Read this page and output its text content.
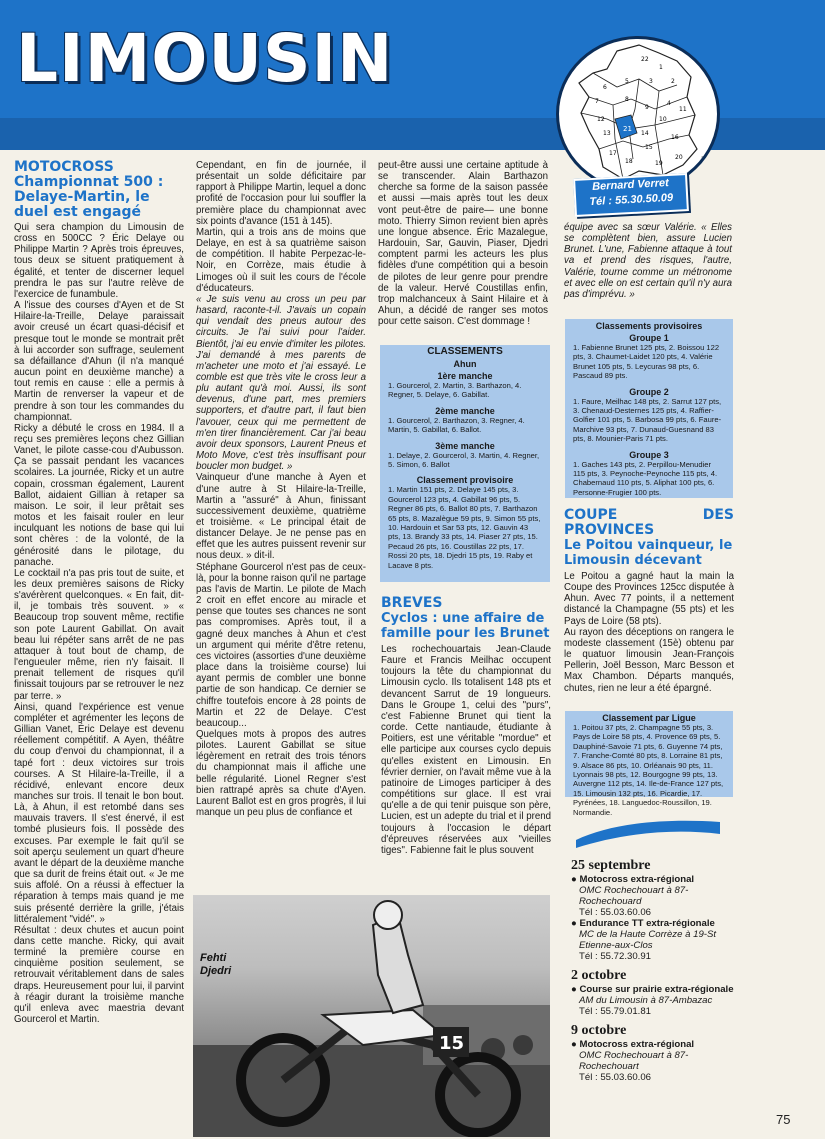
LIMOUSIN
21
22
1
2
3
4
5
6
7	8
9
10
11
12
13	14
15
16
17
18	19
20	23
Bernard Verret
Tél : 55.30.50.09
MOTOCROSS
Championnat 500 : Delaye-Martin, le duel est engagé

Qui sera champion du Limousin de cross en 500CC ? Éric Delaye ou Philippe Martin ? Après trois épreuves, tous deux se situent pratiquement à égalité, et tenter de discerner lequel prendra le pas sur l'autre relève de l'exercice de funambule.

A l'issue des courses d'Ayen et de St Hilaire-la-Treille, Delaye paraissait avoir creusé un écart quasi-décisif et presque tout le monde se montrait prêt à lui accorder son suffrage, seulement sa défaillance d'Ahun (il n'a manqué aucun point en deuxième manche) a tout remis en cause : elle a permis à Martin de renverser la vapeur et de prendre à son tour les commandes du championnat.

Ricky a débuté le cross en 1984. Il a reçu ses premières leçons chez Gillian Vanet, le pilote casse-cou d'Aubusson. Ça se passait pendant les vacances scolaires. La journée, Ricky et un autre copain, crossman également, Laurent Ballot, aidaient Gillian à retaper sa maison. Le soir, il leur prêtait ses motos et les faisait rouler en leur inculquant les notions de base qui lui sont chères : de la volonté, de la générosité dans le pilotage, du panache.

Le cocktail n'a pas pris tout de suite, et les deux premières saisons de Ricky s'avérèrent quelconques. « En fait, dit-il, je tombais très souvent. » « Beaucoup trop souvent même, rectifie son pote Laurent Gabillat. On avait beau lui répéter sans arrêt de ne pas attaquer à tout bout de champ, de l'engueuler même, rien n'y faisait. Il prenait tellement de risques qu'il finissait toujours par se retrouver le nez par terre. »

Ainsi, quand l'expérience est venue compléter et agrémenter les leçons de Gillian Vanet, Éric Delaye est devenu réellement compétitif. A Ayen, théâtre du coup d'envoi du championnat, il a tapé fort : deux victoires sur trois courses. A St Hilaire-la-Treille, il a récidivé, enlevant encore deux manches sur trois. Il tenait le bon bout. Là, à Ahun, il est retombé dans ses mauvais travers. Il s'est énervé, il est tombé plusieurs fois. Il possède des excuses. Par exemple le fait qu'il se soit aperçu seulement un quart d'heure avant le départ de la deuxième manche que sa durit de freins était out. « Je me suis affolé. On a réussi à effectuer la réparation à temps mais quand je me suis présenté derrière la grille, j'étais littéralement "vidé". »

Résultat : deux chutes et aucun point dans cette manche. Ricky, qui avait terminé la première course en cinquième position seulement, se retrouvait véritablement dans de sales draps. Heureusement pour lui, il parvint à réagir durant la troisième manche qu'il enleva avec maestria devant Gourcerol et Martin.

Cependant, en fin de journée, il présentait un solde déficitaire par rapport à Philippe Martin, lequel a donc profité de l'occasion pour lui souffler la première place du championnat avec six points d'avance (151 à 145).

Martin, qui a trois ans de moins que Delaye, en est à sa quatrième saison de compétition. Il habite Perpezac-le-Noir, en Corrèze, mais étudie à Limoges où il suit les cours de l'école d'éducateurs.

« Je suis venu au cross un peu par hasard, raconte-t-il. J'avais un copain qui vendait des pneus autour des circuits. Je l'ai suivi pour l'aider. Bientôt, j'ai eu envie d'imiter les pilotes. J'ai demandé à mes parents de m'acheter une moto et j'ai essayé. Le comble est que très vite le cross leur a plu autant qu'à moi. Aussi, ils sont devenus, d'une part, mes premiers supporters, et d'autre part, il faut bien l'avouer, ceux qui me permettent de m'en tirer financièrement. Car j'ai beau avoir deux sponsors, Laurent Pneus et Moto Move, c'est très insuffisant pour boucler mon budget. »

Vainqueur d'une manche à Ayen et d'une autre à St Hilaire-la-Treille, Martin a "assuré" à Ahun, finissant successivement deuxième, quatrième et troisième. « Le principal était de distancer Delaye. Je ne pense pas en effet que les autres puissent revenir sur nous deux. » dit-il.

Stéphane Gourcerol n'est pas de ceux-là, pour la bonne raison qu'il ne partage pas l'avis de Martin. Le pilote de Mach 2 croit en effet encore au miracle et pense que toutes ses chances ne sont pas compromises. Après tout, il a gagné deux manches à Ahun et c'est un argument qui mérite d'être retenu, ces victoires (assorties d'une deuxième place dans la troisième course) lui ayant permis de combler une bonne partie de son handicap. Ce dernier se chiffre toutefois encore à 28 points de Martin et 22 de Delaye. C'est beaucoup...

Quelques mots à propos des autres pilotes. Laurent Gabillat se situe légèrement en retrait des trois ténors du championnat mais il affiche une belle régularité. Lionel Regner s'est bien rattrapé après sa chute d'Ayen. Laurent Ballot est en gros progrès, il lui manque un peu plus de confiance et

peut-être aussi une certaine aptitude à se transcender. Alain Barthazon cherche sa forme de la saison passée et aussi —mais après tout les deux vont peut-être de paire— une bonne moto. Thierry Simon revient bien après une longue absence. Éric Mazalegue, Hardouin, Sar, Gauvin, Piaser, Djedri comptent parmi les acteurs les plus fidèles d'une compétition qui a besoin de pilotes de leur genre pour prendre de la valeur. Hervé Coustillas enfin, trop malchanceux à Saint Hilaire et à Ahun, a décidé de ranger ses motos pour cette saison. C'est dommage !

CLASSEMENTS
Ahun
1ère manche
1. Gourcerol, 2. Martin, 3. Barthazon, 4. Regner, 5. Delaye, 6. Gabillat.
2ème manche
1. Gourcerol, 2. Barthazon, 3. Regner, 4. Martin, 5. Gabillat, 6. Ballot.
3ème manche
1. Delaye, 2. Gourcerol, 3. Martin, 4. Regner, 5. Simon, 6. Ballot
Classement provisoire
1. Martin 151 pts, 2. Delaye 145 pts, 3. Gourcerol 123 pts, 4. Gabillat 96 pts, 5. Regner 86 pts, 6. Ballot 80 pts, 7. Barthazon 65 pts, 8. Mazalègue 59 pts, 9. Simon 55 pts, 10. Hardouin et Sar 53 pts, 12. Gauvin 43 pts, 13. Brandy 33 pts, 14. Piaser 27 pts, 15. Pecaud 26 pts, 16. Coustillas 22 pts, 17. Rossi 20 pts, 18. Djedri 15 pts, 19. Raby et Lacave 8 pts.
BREVES
Cyclos : une affaire de famille pour les Brunet

Les rochechouartais Jean-Claude Faure et Francis Meilhac occupent toujours la tête du championnat du Limousin cyclo. Ils totalisent 148 pts et devancent Sarrut de 19 longueurs. Dans le Groupe 1, celui des "purs", c'est Fabienne Brunet qui tient la corde. Cette nantiaude, étudiante à Poitiers, est une véritable "mordue" et elle participe aux courses cyclo depuis qu'elles existent en Limousin. En février dernier, on l'avait même vue à la patinoire de Limoges participer à des compétitions sur glace. Il est vrai qu'elle a de qui tenir puisque son père, Lucien, est un adepte du trial et il prend toujours à l'occasion le départ d'épreuves réservées aux "vieilles tiges". Fabienne fait le plus souvent

équipe avec sa sœur Valérie. « Elles se complètent bien, assure Lucien Brunet. L'une, Fabienne attaque à tout va et prend des risques, l'autre, Valérie, tourne comme un métronome et avec elle on est certain qu'il n'y aura pas d'imprévu. »

Classements provisoires
Groupe 1
1. Fabienne Brunet 125 pts, 2. Boissou 122 pts, 3. Chaumet-Laidet 120 pts, 4. Valérie Brunet 105 pts, 5. Leycuras 98 pts, 6. Pascaud 89 pts.
Groupe 2
1. Faure, Meilhac 148 pts, 2. Sarrut 127 pts, 3. Chenaud-Desternes 125 pts, 4. Raffier-Golfier 101 pts, 5. Barbosa 99 pts, 6. Faure-Marchive 93 pts, 7. Dunaud-Guesnand 83 pts, 8. Mounier-Paris 71 pts.
Groupe 3
1. Gaches 143 pts, 2. Perpillou-Menudier 115 pts, 3. Peynoche-Peynoche 115 pts, 4. Chabernaud 110 pts, 5. Aliphat 100 pts, 6. Personne-Frugier 100 pts.
COUPE DES PROVINCES
Le Poitou vainqueur, le Limousin décevant

Le Poitou a gagné haut la main la Coupe des Provinces 125cc disputée à Ahun. Avec 77 points, il a nettement distancé la Champagne (55 pts) et les Pays de Loire (58 pts).

Au rayon des déceptions on rangera le modeste classement (15è) obtenu par le quatuor limousin Jean-François Pellerin, Joël Besson, Marc Besson et Max Chambon. Départs manqués, chutes, rien ne leur a été épargné.

Classement par Ligue
1. Poitou 37 pts, 2. Champagne 55 pts, 3. Pays de Loire 58 pts, 4. Provence 69 pts, 5. Dauphiné-Savoie 71 pts, 6. Guyenne 74 pts, 7. Franche-Comté 80 pts, 8. Lorraine 81 pts, 9. Alsace 86 pts, 10. Orléanais 90 pts, 11. Lyonnais 98 pts, 12. Bourgogne 99 pts, 13. Auvergne 112 pts, 14. Ile-de-France 127 pts, 15. Limousin 132 pts, 16. Picardie, 17. Pyrénées, 18. Languedoc-Roussillon, 19. Normandie.
25 septembre
● Motocross extra-régional
OMC Rochechouart à 87-Rochechouard
Tél : 55.03.60.06
● Endurance TT extra-régionale
MC de la Haute Corrèze à 19-St Etienne-aux-Clos
Tél : 55.72.30.91
2 octobre
● Course sur prairie extra-régionale
AM du Limousin à 87-Ambazac
Tél : 55.79.01.81
9 octobre
● Motocross extra-régional
OMC Rochechouart à 87-Rochechouart
Tél : 55.03.60.06
15
Fehti Djedri
75
